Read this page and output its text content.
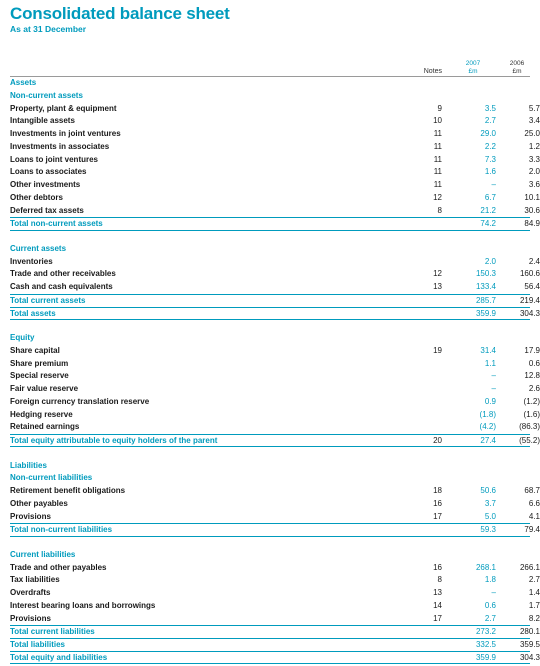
Consolidated balance sheet
As at 31 December
Notes
2007
£m
2006
£m
Assets
Non-current assets
Property, plant & equipment	9	3.5	5.7
Intangible assets	10	2.7	3.4
Investments in joint ventures	11	29.0	25.0
Investments in associates	11	2.2	1.2
Loans to joint ventures	11	7.3	3.3
Loans to associates	11	1.6	2.0
Other investments	11	–	3.6
Other debtors	12	6.7	10.1
Deferred tax assets	8	21.2	30.6
Total non-current assets	74.2	84.9
Current assets
Inventories	2.0	2.4
Trade and other receivables	12	150.3	160.6
Cash and cash equivalents	13	133.4	56.4
Total current assets	285.7	219.4
Total assets	359.9	304.3
Equity
Share capital	19	31.4	17.9
Share premium	1.1	0.6
Special reserve	–	12.8
Fair value reserve	–	2.6
Foreign currency translation reserve	0.9	(1.2)
Hedging reserve	(1.8)	(1.6)
Retained earnings	(4.2)	(86.3)
Total equity attributable to equity holders of the parent	20	27.4	(55.2)
Liabilities
Non-current liabilities
Retirement benefit obligations	18	50.6	68.7
Other payables	16	3.7	6.6
Provisions	17	5.0	4.1
Total non-current liabilities	59.3	79.4
Current liabilities
Trade and other payables	16	268.1	266.1
Tax liabilities	8	1.8	2.7
Overdrafts	13	–	1.4
Interest bearing loans and borrowings	14	0.6	1.7
Provisions	17	2.7	8.2
Total current liabilities	273.2	280.1
Total liabilities	332.5	359.5
Total equity and liabilities	359.9	304.3
